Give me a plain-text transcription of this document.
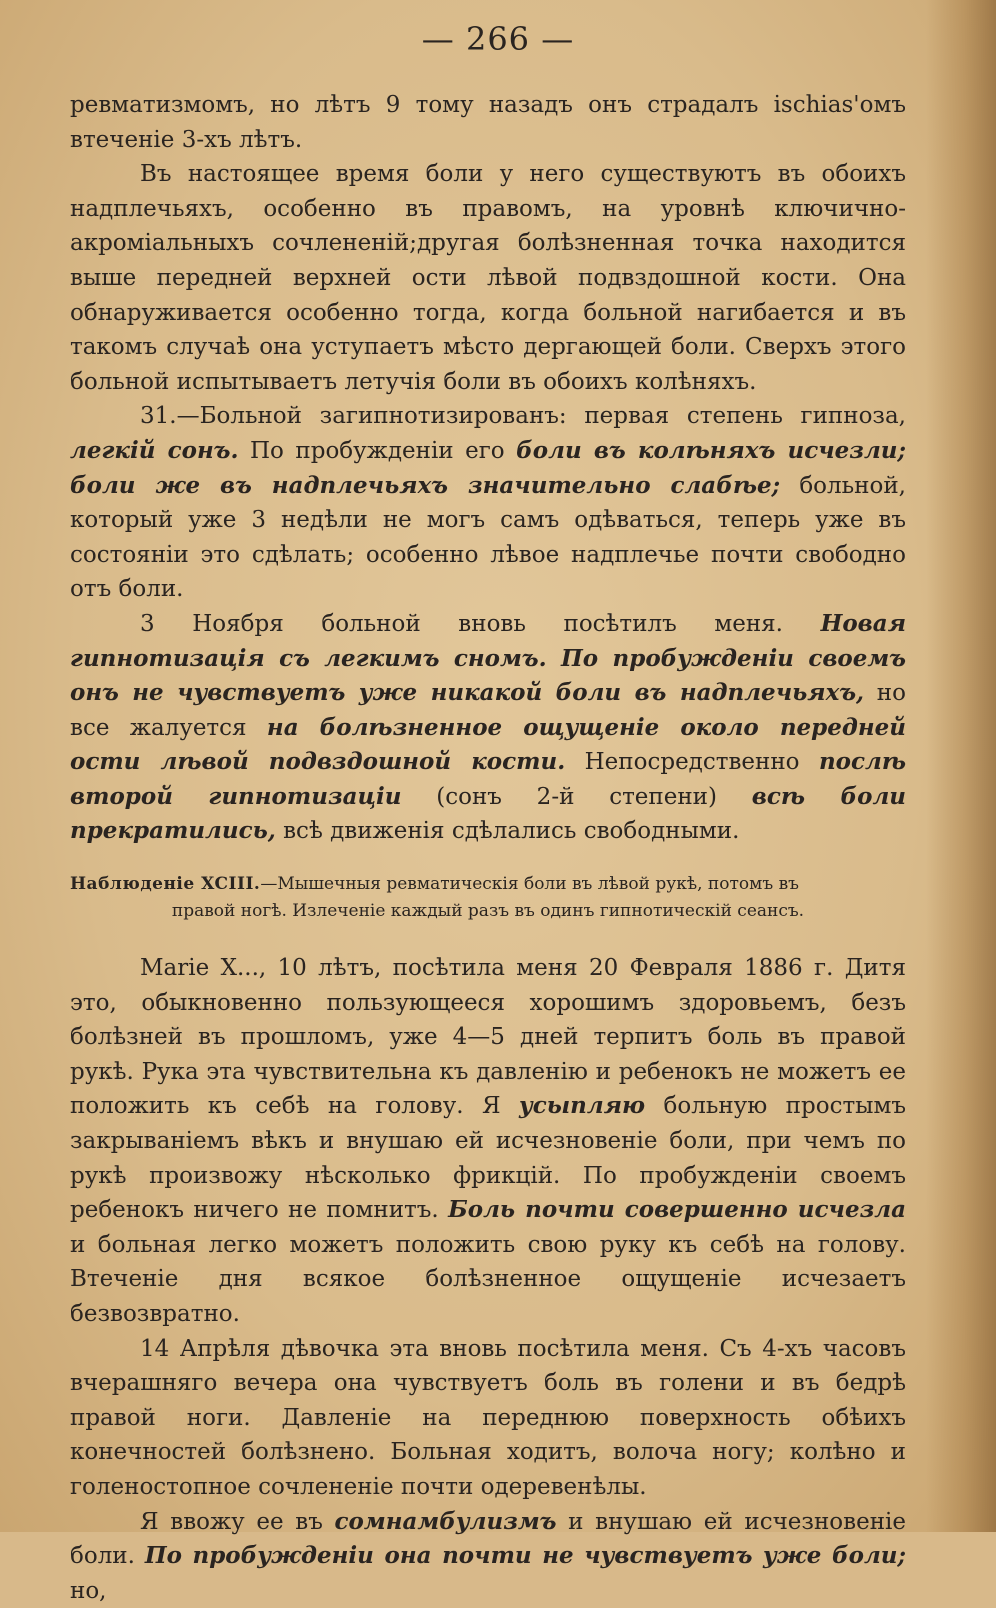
— 266 —

ревматизмомъ, но лѣтъ 9 тому назадъ онъ страдалъ ischias'омъ втеченіе 3-хъ лѣтъ.

Въ настоящее время боли у него существуютъ въ обоихъ надплечьяхъ, особенно въ правомъ, на уровнѣ ключично-акроміальныхъ сочлененій;другая болѣзненная точка находится выше передней верхней ости лѣвой подвздошной кости. Она обнаруживается особенно тогда, когда больной нагибается и въ такомъ случаѣ она уступаетъ мѣсто дергающей боли. Сверхъ этого больной испытываетъ летучія боли въ обоихъ колѣняхъ.

31.—Больной загипнотизированъ: первая степень гипноза, легкій сонъ. По пробужденіи его боли въ колѣняхъ исчезли; боли же въ надплечьяхъ значительно слабѣе; больной, который уже 3 недѣли не могъ самъ одѣваться, теперь уже въ состояніи это сдѣлать; особенно лѣвое надплечье почти свободно отъ боли.

3 Ноября больной вновь посѣтилъ меня. Новая гипнотизація съ легкимъ сномъ. По пробужденіи своемъ онъ не чувствуетъ уже никакой боли въ надплечьяхъ, но все жалуется на болѣзненное ощущеніе около передней ости лѣвой подвздошной кости. Непосредственно послѣ второй гипнотизаціи (сонъ 2-й степени) всѣ боли прекратились, всѣ движенія сдѣлались свободными.

Наблюденіе XCIII.—Мышечныя ревматическія боли въ лѣвой рукѣ, потомъ въ
правой ногѣ. Излеченіе каждый разъ въ одинъ гипнотическій сеансъ.

Marie X..., 10 лѣтъ, посѣтила меня 20 Февраля 1886 г. Дитя это, обыкновенно пользующееся хорошимъ здоровьемъ, безъ болѣзней въ прошломъ, уже 4—5 дней терпитъ боль въ правой рукѣ. Рука эта чувствительна къ давленію и ребенокъ не можетъ ее положить къ себѣ на голову. Я усыпляю больную простымъ закрываніемъ вѣкъ и внушаю ей исчезновеніе боли, при чемъ по рукѣ произвожу нѣсколько фрикцій. По пробужденіи своемъ ребенокъ ничего не помнитъ. Боль почти совершенно исчезла и больная легко можетъ положить свою руку къ себѣ на голову. Втеченіе дня всякое болѣзненное ощущеніе исчезаетъ безвозвратно.

14 Апрѣля дѣвочка эта вновь посѣтила меня. Съ 4-хъ часовъ вчерашняго вечера она чувствуетъ боль въ голени и въ бедрѣ правой ноги. Давленіе на переднюю поверхность обѣихъ конечностей болѣзнено. Больная ходитъ, волоча ногу; колѣно и голеностопное сочлененіе почти одеревенѣлы.

Я ввожу ее въ сомнамбулизмъ и внушаю ей исчезновеніе боли. По пробужденіи она почти не чувствуетъ уже боли; но,
